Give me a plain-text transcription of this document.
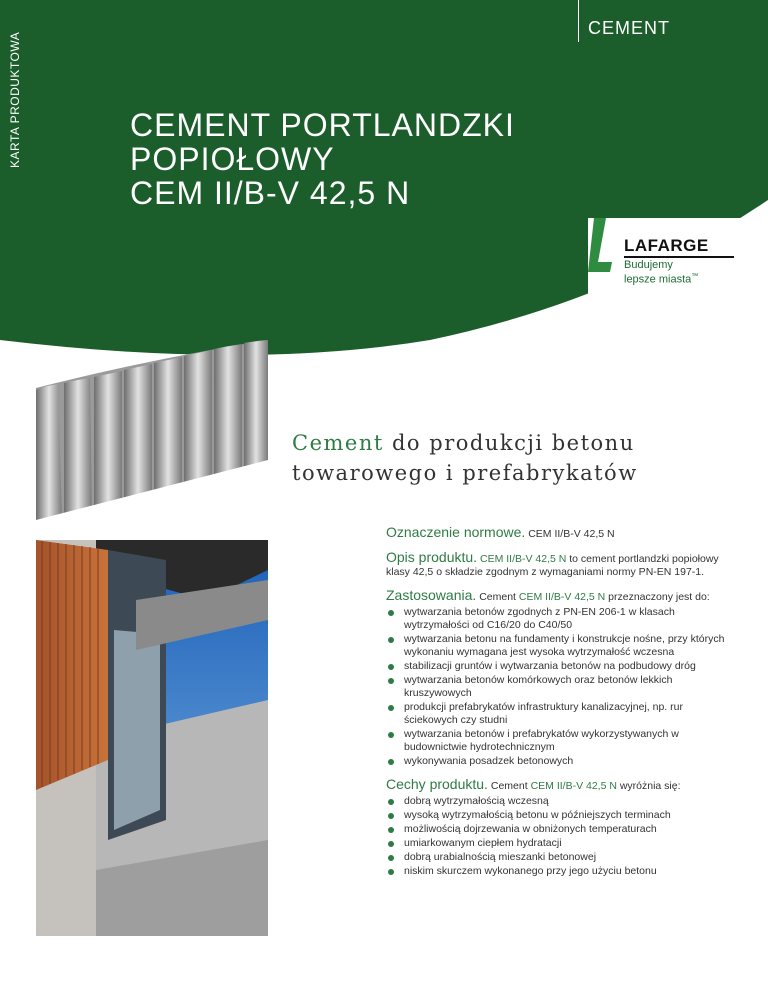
KARTA PRODUKTOWA
CEMENT
CEMENT PORTLANDZKI
POPIOŁOWY
CEM II/B-V 42,5 N
LAFARGE
Budujemy
lepsze miasta™
Cement do produkcji betonu
towarowego i prefabrykatów
Oznaczenie normowe. CEM II/B-V 42,5 N
Opis produktu. CEM II/B-V 42,5 N to cement portlandzki popiołowy klasy 42,5 o składzie zgodnym z wymaganiami normy PN-EN 197-1.
Zastosowania. Cement CEM II/B-V 42,5 N przeznaczony jest do:
wytwarzania betonów zgodnych z PN-EN 206-1 w klasach wytrzymałości od C16/20 do C40/50
wytwarzania betonu na fundamenty i konstrukcje nośne, przy których wykonaniu wymagana jest wysoka wytrzymałość wczesna
stabilizacji gruntów i wytwarzania betonów na podbudowy dróg
wytwarzania betonów komórkowych oraz betonów lekkich kruszywowych
produkcji prefabrykatów infrastruktury kanalizacyjnej, np. rur ściekowych czy studni
wytwarzania betonów i prefabrykatów wykorzystywanych w budownictwie hydrotechnicznym
wykonywania posadzek betonowych
Cechy produktu. Cement CEM II/B-V 42,5 N wyróżnia się:
dobrą wytrzymałością wczesną
wysoką wytrzymałością betonu w późniejszych terminach
możliwością dojrzewania w obniżonych temperaturach
umiarkowanym ciepłem hydratacji
dobrą urabialnością mieszanki betonowej
niskim skurczem wykonanego przy jego użyciu betonu
